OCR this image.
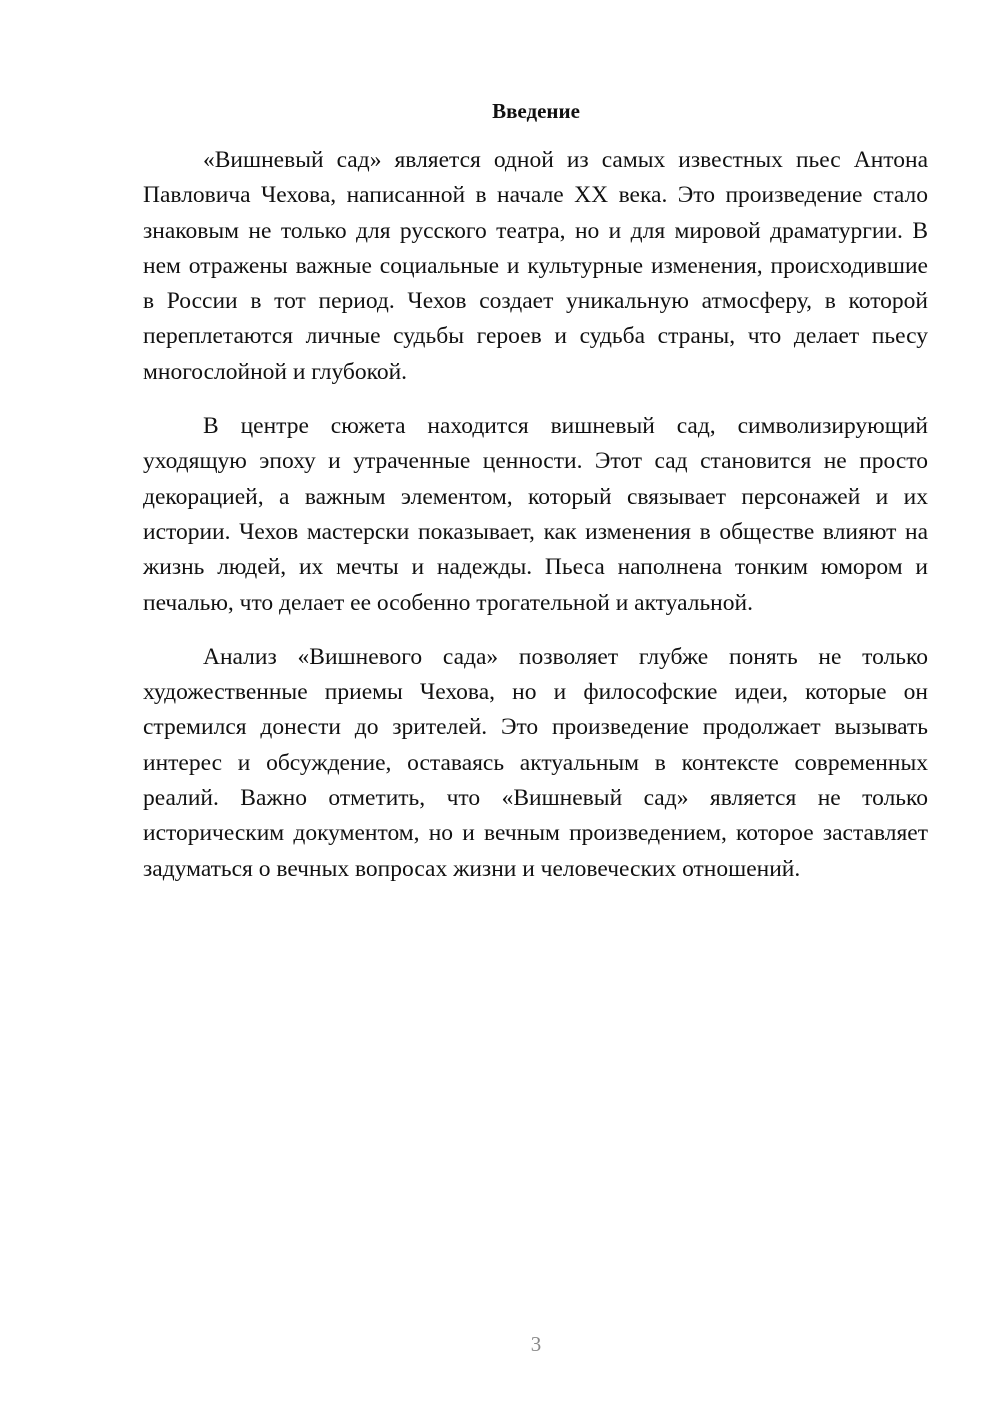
Введение

«Вишневый сад» является одной из самых известных пьес Антона Павловича Чехова, написанной в начале XX века. Это произведение стало знаковым не только для русского театра, но и для мировой драматургии. В нем отражены важные социальные и культурные изменения, происходившие в России в тот период. Чехов создает уникальную атмосферу, в которой переплетаются личные судьбы героев и судьба страны, что делает пьесу многослойной и глубокой.

В центре сюжета находится вишневый сад, символизирующий уходящую эпоху и утраченные ценности. Этот сад становится не просто декорацией, а важным элементом, который связывает персонажей и их истории. Чехов мастерски показывает, как изменения в обществе влияют на жизнь людей, их мечты и надежды. Пьеса наполнена тонким юмором и печалью, что делает ее особенно трогательной и актуальной.

Анализ «Вишневого сада» позволяет глубже понять не только художественные приемы Чехова, но и философские идеи, которые он стремился донести до зрителей. Это произведение продолжает вызывать интерес и обсуждение, оставаясь актуальным в контексте современных реалий. Важно отметить, что «Вишневый сад» является не только историческим документом, но и вечным произведением, которое заставляет задуматься о вечных вопросах жизни и человеческих отношений.

3
